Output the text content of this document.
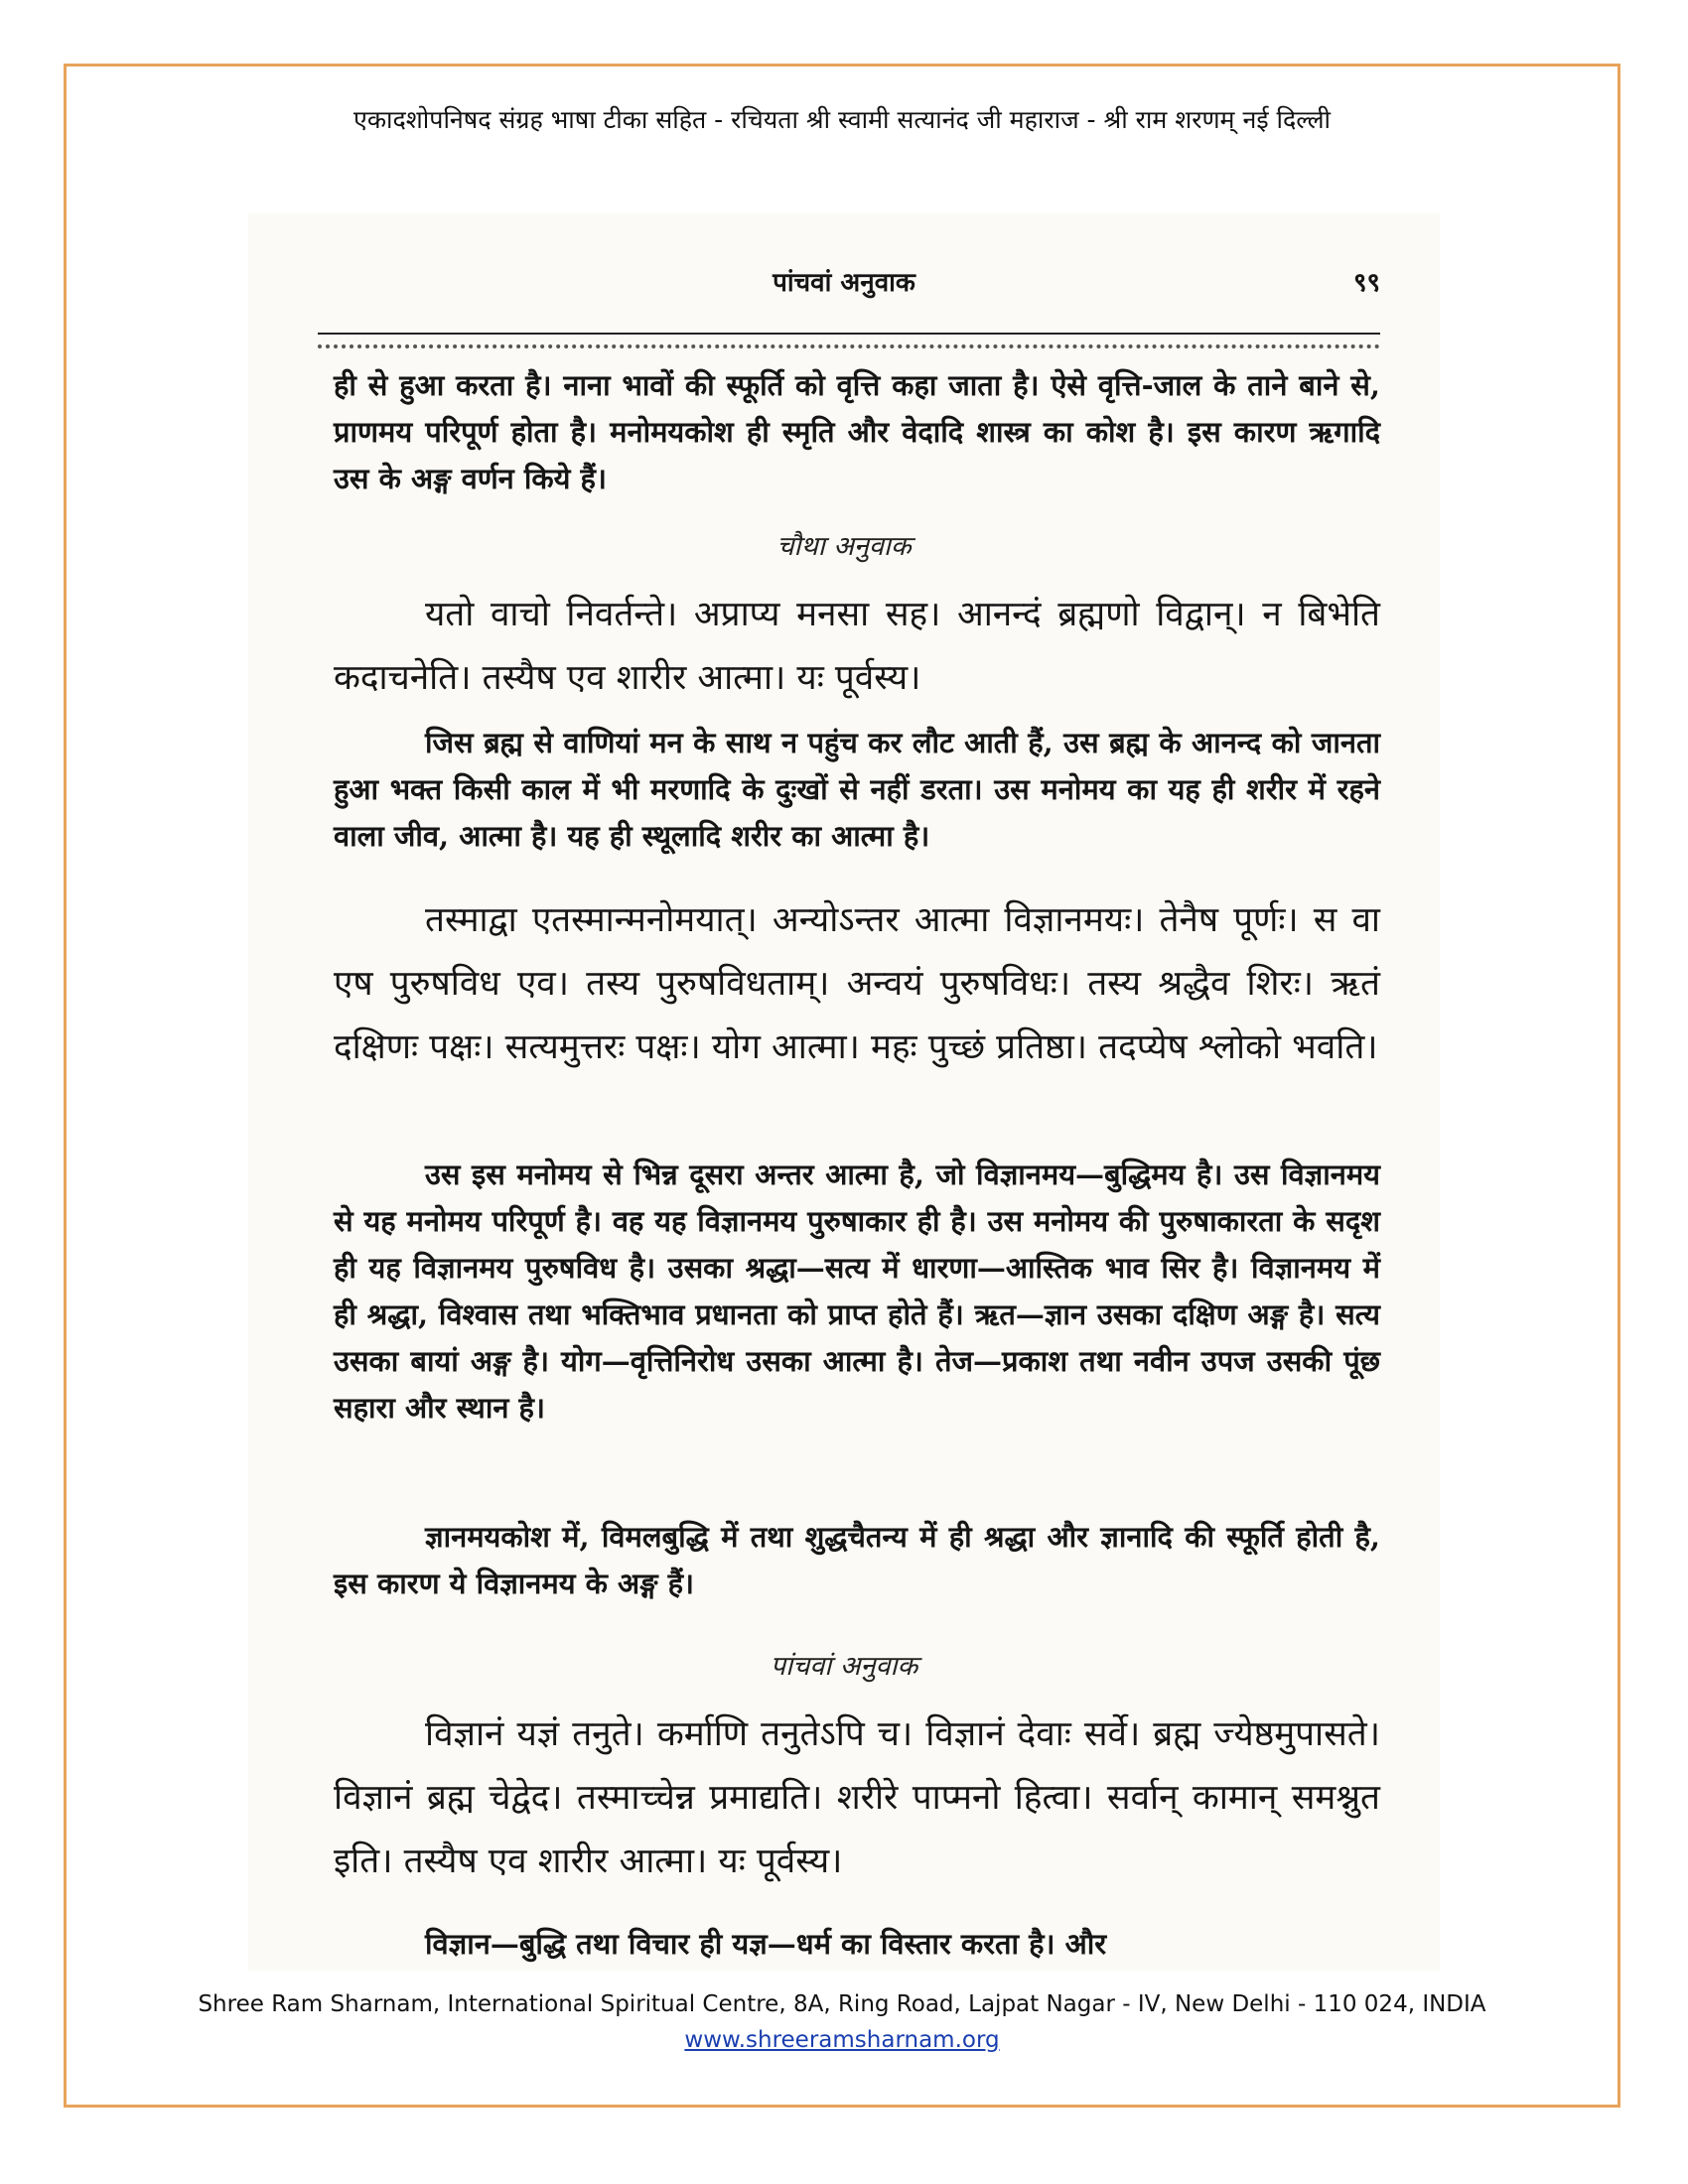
एकादशोपनिषद संग्रह भाषा टीका सहित - रचियता श्री स्वामी सत्यानंद जी महाराज - श्री राम शरणम् नई दिल्ली
पांचवां अनुवाक	९९

ही से हुआ करता है। नाना भावों की स्फूर्ति को वृत्ति कहा जाता है। ऐसे वृत्ति-जाल के ताने बाने से, प्राणमय परिपूर्ण होता है। मनोमयकोश ही स्मृति और वेदादि शास्त्र का कोश है। इस कारण ऋगादि उस के अङ्ग वर्णन किये हैं।

चौथा अनुवाक

यतो वाचो निवर्तन्ते। अप्राप्य मनसा सह। आनन्दं ब्रह्मणो विद्वान्। न बिभेति कदाचनेति। तस्यैष एव शारीर आत्मा। यः पूर्वस्य।

जिस ब्रह्म से वाणियां मन के साथ न पहुंच कर लौट आती हैं, उस ब्रह्म के आनन्द को जानता हुआ भक्त किसी काल में भी मरणादि के दुःखों से नहीं डरता। उस मनोमय का यह ही शरीर में रहने वाला जीव, आत्मा है। यह ही स्थूलादि शरीर का आत्मा है।

तस्माद्वा एतस्मान्मनोमयात्। अन्योऽन्तर आत्मा विज्ञानमयः। तेनैष पूर्णः। स वा एष पुरुषविध एव। तस्य पुरुषविधताम्। अन्वयं पुरुषविधः। तस्य श्रद्धैव शिरः। ऋतं दक्षिणः पक्षः। सत्यमुत्तरः पक्षः। योग आत्मा। महः पुच्छं प्रतिष्ठा। तदप्येष श्लोको भवति।

उस इस मनोमय से भिन्न दूसरा अन्तर आत्मा है, जो विज्ञानमय—बुद्धिमय है। उस विज्ञानमय से यह मनोमय परिपूर्ण है। वह यह विज्ञानमय पुरुषाकार ही है। उस मनोमय की पुरुषाकारता के सदृश ही यह विज्ञानमय पुरुषविध है। उसका श्रद्धा—सत्य में धारणा—आस्तिक भाव सिर है। विज्ञानमय में ही श्रद्धा, विश्वास तथा भक्तिभाव प्रधानता को प्राप्त होते हैं। ऋत—ज्ञान उसका दक्षिण अङ्ग है। सत्य उसका बायां अङ्ग है। योग—वृत्तिनिरोध उसका आत्मा है। तेज—प्रकाश तथा नवीन उपज उसकी पूंछ सहारा और स्थान है।

ज्ञानमयकोश में, विमलबुद्धि में तथा शुद्धचैतन्य में ही श्रद्धा और ज्ञानादि की स्फूर्ति होती है, इस कारण ये विज्ञानमय के अङ्ग हैं।

पांचवां अनुवाक

विज्ञानं यज्ञं तनुते। कर्माणि तनुतेऽपि च। विज्ञानं देवाः सर्वे। ब्रह्म ज्येष्ठमुपासते। विज्ञानं ब्रह्म चेद्वेद। तस्माच्चेन्न प्रमाद्यति। शरीरे पाप्मनो हित्वा। सर्वान् कामान् समश्नुत इति। तस्यैष एव शारीर आत्मा। यः पूर्वस्य।

विज्ञान—बुद्धि तथा विचार ही यज्ञ—धर्म का विस्तार करता है। और

Shree Ram Sharnam, International Spiritual Centre, 8A, Ring Road, Lajpat Nagar - IV, New Delhi - 110 024, INDIA
www.shreeramsharnam.org
